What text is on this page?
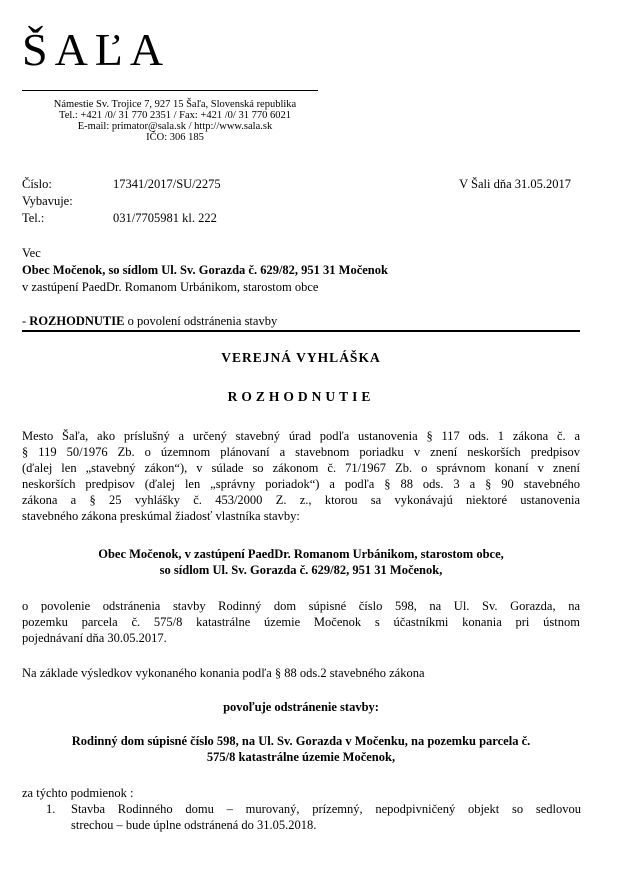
ŠAĽA
Námestie Sv. Trojice 7, 927 15 Šaľa, Slovenská republika
Tel.: +421 /0/ 31 770 2351 / Fax: +421 /0/ 31 770 6021
E-mail: primator@sala.sk / http://www.sala.sk
IČO: 306 185
Číslo:	17341/2017/SU/2275	V Šali dňa 31.05.2017
Vybavuje:
Tel.:	031/7705981 kl. 222
Vec
Obec Močenok, so sídlom Ul. Sv. Gorazda č. 629/82, 951 31 Močenok
v zastúpení PaedDr. Romanom Urbánikom, starostom obce
- ROZHODNUTIE o povolení odstránenia stavby
VEREJNÁ VYHLÁŠKA
ROZHODNUTIE
Mesto Šaľa, ako príslušný a určený stavebný úrad podľa ustanovenia § 117 ods. 1 zákona č. a
§ 119 50/1976 Zb. o územnom plánovaní a stavebnom poriadku v znení neskorších predpisov
(ďalej len „stavebný zákon“), v súlade so zákonom č. 71/1967 Zb. o správnom konaní v znení
neskorších predpisov (ďalej len „správny poriadok“) a podľa § 88 ods. 3 a § 90 stavebného
zákona a § 25 vyhlášky č. 453/2000 Z. z., ktorou sa vykonávajú niektoré ustanovenia
stavebného zákona preskúmal žiadosť vlastníka stavby:
Obec Močenok, v zastúpení PaedDr. Romanom Urbánikom, starostom obce,
so sídlom Ul. Sv. Gorazda č. 629/82, 951 31 Močenok,
o povolenie odstránenia stavby Rodinný dom súpisné číslo 598, na Ul. Sv. Gorazda, na
pozemku parcela č. 575/8 katastrálne územie Močenok s účastníkmi konania pri ústnom
pojednávaní dňa 30.05.2017.
Na základe výsledkov vykonaného konania podľa § 88 ods.2 stavebného zákona
povoľuje odstránenie stavby:
Rodinný dom súpisné číslo 598, na Ul. Sv. Gorazda v Močenku, na pozemku parcela č.
575/8 katastrálne územie Močenok,
za týchto podmienok :
1. Stavba Rodinného domu – murovaný, prízemný, nepodpivničený objekt so sedlovou
strechou – bude úplne odstránená do 31.05.2018.
